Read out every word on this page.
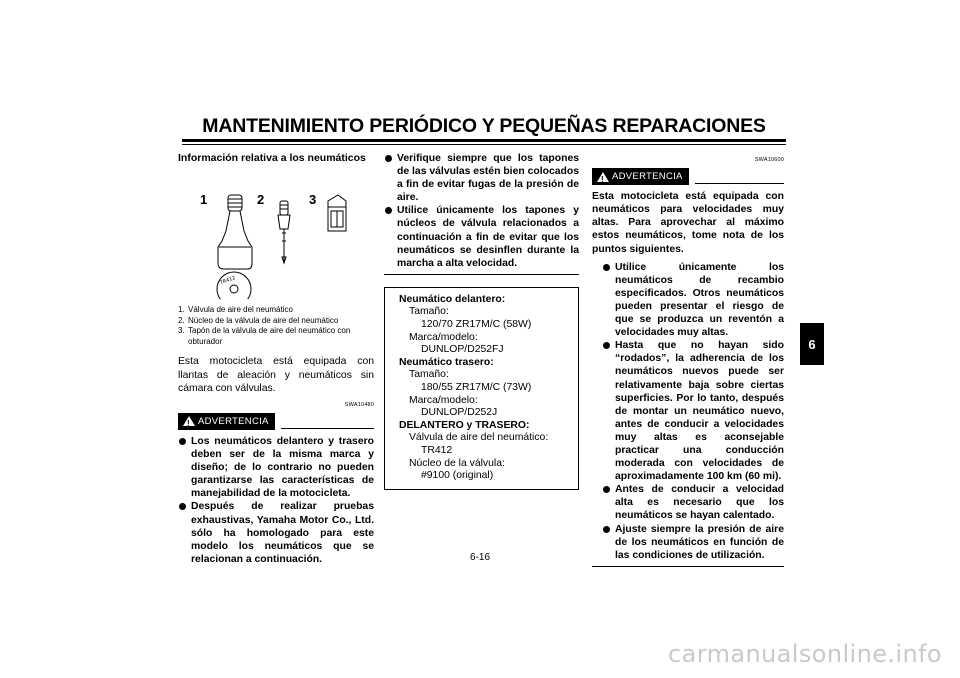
MANTENIMIENTO PERIÓDICO Y PEQUEÑAS REPARACIONES
6

Información relativa a los neumáticos

1	2	3
TR412
1. Válvula de aire del neumático
2. Núcleo de la válvula de aire del neumático
3. Tapón de la válvula de aire del neumático con obturador
Esta motocicleta está equipada con llantas de aleación y neumáticos sin cámara con válvulas.
SWA10480
!
ADVERTENCIA
Los neumáticos delantero y trasero deben ser de la misma marca y diseño; de lo contrario no pueden garantizarse las características de manejabilidad de la motocicleta.
Después de realizar pruebas exhaustivas, Yamaha Motor Co., Ltd. sólo ha homologado para este modelo los neumáticos que se relacionan a continuación.
Verifique siempre que los tapones de las válvulas estén bien colocados a fin de evitar fugas de la presión de aire.
Utilice únicamente los tapones y núcleos de válvula relacionados a continuación a fin de evitar que los neumáticos se desinflen durante la marcha a alta velocidad.
Neumático delantero:
Tamaño:
120/70 ZR17M/C (58W)
Marca/modelo:
DUNLOP/D252FJ
Neumático trasero:
Tamaño:
180/55 ZR17M/C (73W)
Marca/modelo:
DUNLOP/D252J
DELANTERO y TRASERO:
Válvula de aire del neumático:
TR412
Núcleo de la válvula:
#9100 (original)
SWA10600
!
ADVERTENCIA
Esta motocicleta está equipada con neumáticos para velocidades muy altas. Para aprovechar al máximo estos neumáticos, tome nota de los puntos siguientes.
Utilice únicamente los neumáticos de recambio especificados. Otros neumáticos pueden presentar el riesgo de que se produzca un reventón a velocidades muy altas.
Hasta que no hayan sido “rodados”, la adherencia de los neumáticos nuevos puede ser relativamente baja sobre ciertas superficies. Por lo tanto, después de montar un neumático nuevo, antes de conducir a velocidades muy altas es aconsejable practicar una conducción moderada con velocidades de aproximadamente 100 km (60 mi).
Antes de conducir a velocidad alta es necesario que los neumáticos se hayan calentado.
Ajuste siempre la presión de aire de los neumáticos en función de las condiciones de utilización.
6-16
carmanualsonline.info
